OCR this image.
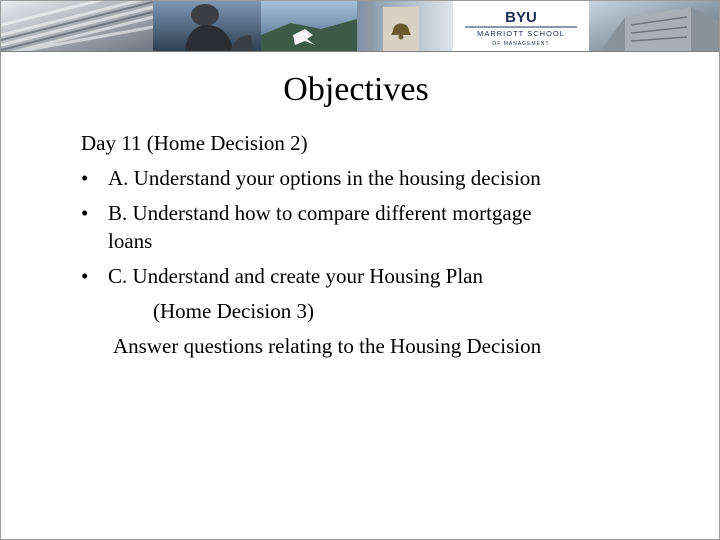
BYU
MARRIOTT SCHOOL
OF MANAGEMENT
Objectives
Day 11 (Home Decision 2)
• A. Understand your options in the housing decision
• B. Understand how to compare different mortgage
loans
• C. Understand and create your Housing Plan
(Home Decision 3)
Answer questions relating to the Housing Decision
